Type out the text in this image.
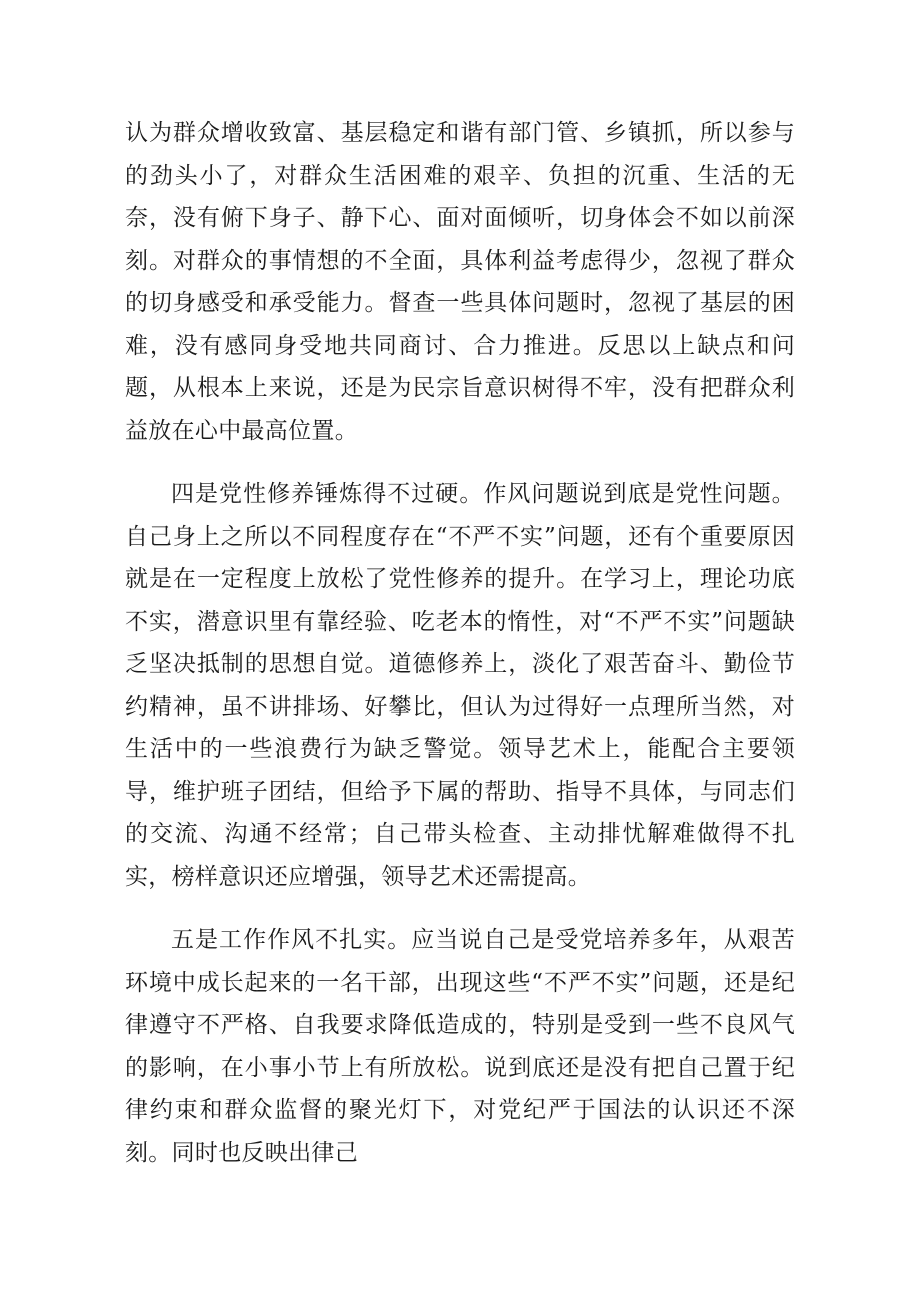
认为群众增收致富、基层稳定和谐有部门管、乡镇抓，所以参与的劲头小了，对群众生活困难的艰辛、负担的沉重、生活的无奈，没有俯下身子、静下心、面对面倾听，切身体会不如以前深刻。对群众的事情想的不全面，具体利益考虑得少，忽视了群众的切身感受和承受能力。督查一些具体问题时，忽视了基层的困难，没有感同身受地共同商讨、合力推进。反思以上缺点和问题，从根本上来说，还是为民宗旨意识树得不牢，没有把群众利益放在心中最高位置。

四是党性修养锤炼得不过硬。作风问题说到底是党性问题。自己身上之所以不同程度存在“不严不实”问题，还有个重要原因就是在一定程度上放松了党性修养的提升。在学习上，理论功底不实，潜意识里有靠经验、吃老本的惰性，对“不严不实”问题缺乏坚决抵制的思想自觉。道德修养上，淡化了艰苦奋斗、勤俭节约精神，虽不讲排场、好攀比，但认为过得好一点理所当然，对生活中的一些浪费行为缺乏警觉。领导艺术上，能配合主要领导，维护班子团结，但给予下属的帮助、指导不具体，与同志们的交流、沟通不经常；自己带头检查、主动排忧解难做得不扎实，榜样意识还应增强，领导艺术还需提高。

五是工作作风不扎实。应当说自己是受党培养多年，从艰苦环境中成长起来的一名干部，出现这些“不严不实”问题，还是纪律遵守不严格、自我要求降低造成的，特别是受到一些不良风气的影响，在小事小节上有所放松。说到底还是没有把自己置于纪律约束和群众监督的聚光灯下，对党纪严于国法的认识还不深刻。同时也反映出律己
